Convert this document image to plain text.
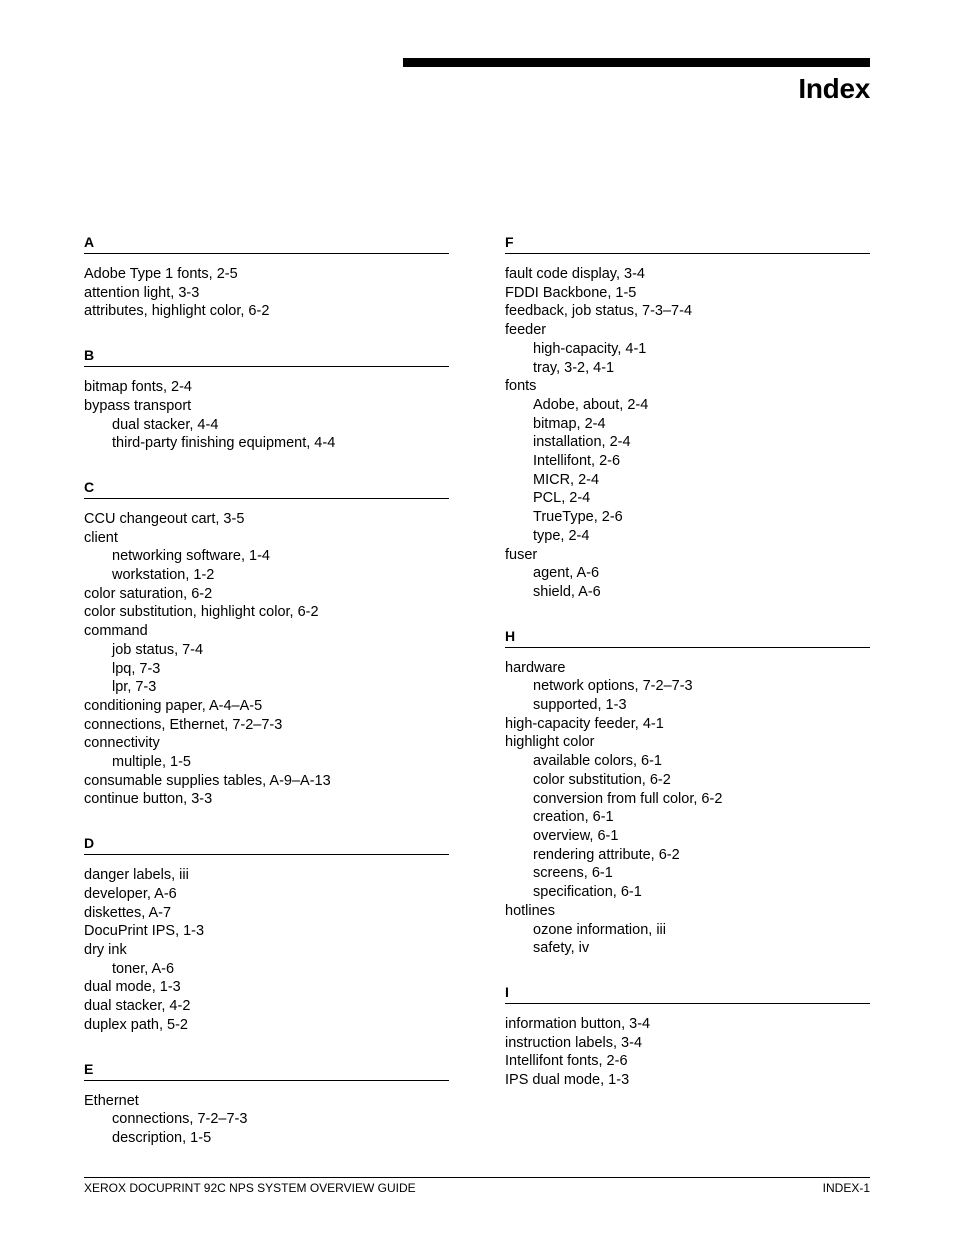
Index
A
Adobe Type 1 fonts, 2-5
attention light, 3-3
attributes, highlight color, 6-2
B
bitmap fonts, 2-4
bypass transport
dual stacker, 4-4
third-party finishing equipment, 4-4
C
CCU changeout cart, 3-5
client
networking software, 1-4
workstation, 1-2
color saturation, 6-2
color substitution, highlight color, 6-2
command
job status, 7-4
lpq, 7-3
lpr, 7-3
conditioning paper, A-4–A-5
connections, Ethernet, 7-2–7-3
connectivity
multiple, 1-5
consumable supplies tables, A-9–A-13
continue button, 3-3
D
danger labels, iii
developer, A-6
diskettes, A-7
DocuPrint IPS, 1-3
dry ink
toner, A-6
dual mode, 1-3
dual stacker, 4-2
duplex path, 5-2
E
Ethernet
connections, 7-2–7-3
description, 1-5
F
fault code display, 3-4
FDDI Backbone, 1-5
feedback, job status, 7-3–7-4
feeder
high-capacity, 4-1
tray, 3-2, 4-1
fonts
Adobe, about, 2-4
bitmap, 2-4
installation, 2-4
Intellifont, 2-6
MICR, 2-4
PCL, 2-4
TrueType, 2-6
type, 2-4
fuser
agent, A-6
shield, A-6
H
hardware
network options, 7-2–7-3
supported, 1-3
high-capacity feeder, 4-1
highlight color
available colors, 6-1
color substitution, 6-2
conversion from full color, 6-2
creation, 6-1
overview, 6-1
rendering attribute, 6-2
screens, 6-1
specification, 6-1
hotlines
ozone information, iii
safety, iv
I
information button, 3-4
instruction labels, 3-4
Intellifont fonts, 2-6
IPS dual mode, 1-3
XEROX DOCUPRINT 92C NPS SYSTEM OVERVIEW GUIDE	INDEX-1
